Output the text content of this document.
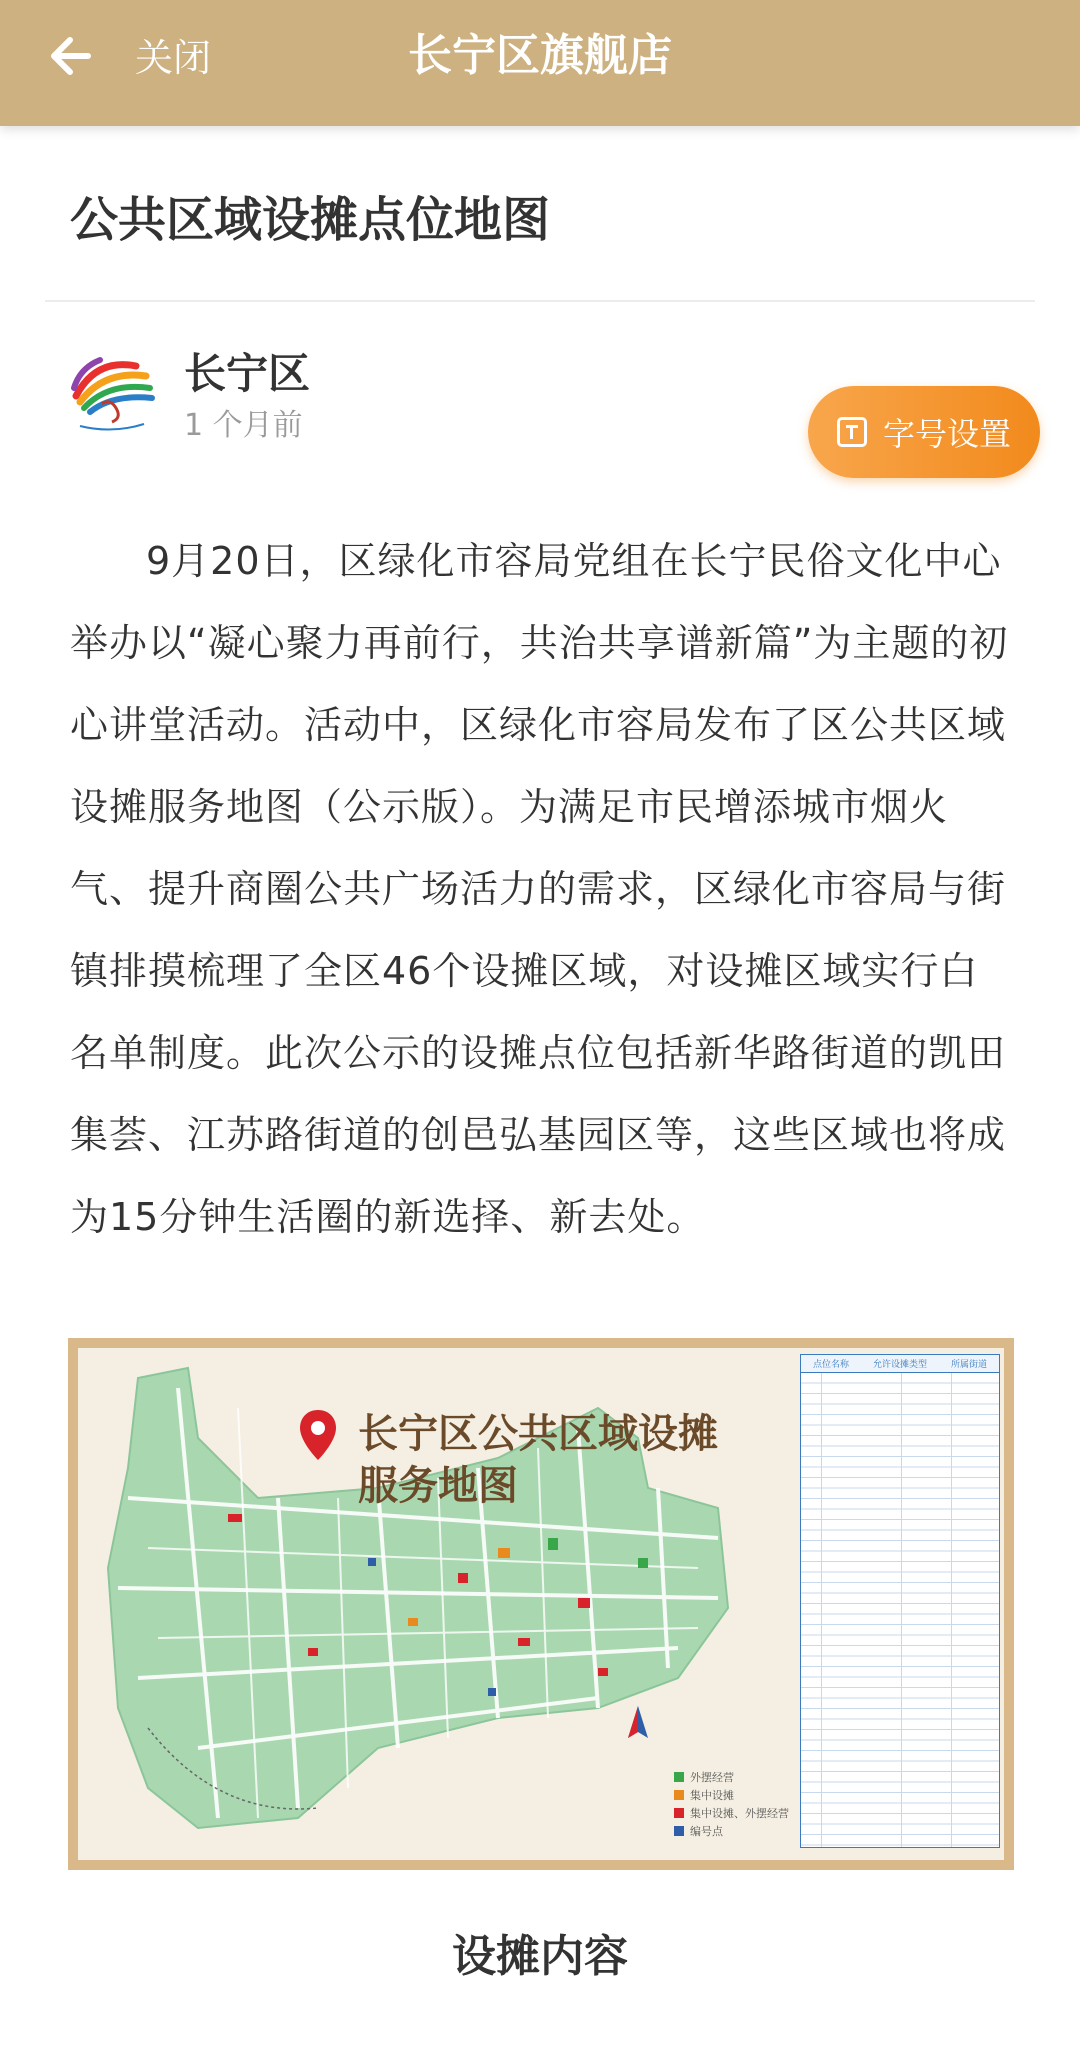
关闭	长宁区旗舰店
公共区域设摊点位地图
长宁区
1 个月前	字号设置
9月20日，区绿化市容局党组在长宁民俗文化中心举办以“凝心聚力再前行，共治共享谱新篇”为主题的初心讲堂活动。活动中，区绿化市容局发布了区公共区域设摊服务地图（公示版）。为满足市民增添城市烟火气、提升商圈公共广场活力的需求，区绿化市容局与街镇排摸梳理了全区46个设摊区域，对设摊区域实行白名单制度。此次公示的设摊点位包括新华路街道的凯田集荟、江苏路街道的创邑弘基园区等，这些区域也将成为15分钟生活圈的新选择、新去处。
长宁区公共区域设摊
服务地图
外摆经营
集中设摊
集中设摊、外摆经营
编号点
点位名称	允许设摊类型	所属街道
设摊内容
